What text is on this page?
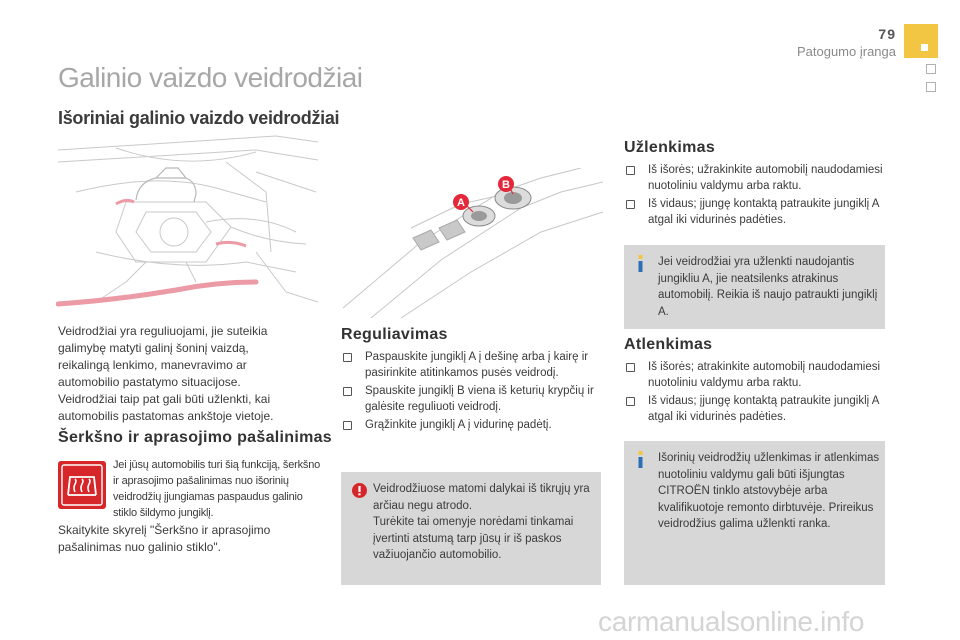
79
Patogumo įranga
Galinio vaizdo veidrodžiai
Išoriniai galinio vaizdo veidrodžiai
Veidrodžiai yra reguliuojami, jie suteikia galimybę matyti galinį šoninį vaizdą, reikalingą lenkimo, manevravimo ar automobilio pastatymo situacijose. Veidrodžiai taip pat gali būti užlenkti, kai automobilis pastatomas ankštoje vietoje.
Šerkšno ir aprasojimo pašalinimas
Jei jūsų automobilis turi šią funkciją, šerkšno ir aprasojimo pašalinimas nuo išorinių veidrodžių įjungiamas paspaudus galinio stiklo šildymo jungiklį.
Skaitykite skyrelį "Šerkšno ir aprasojimo pašalinimas nuo galinio stiklo".
A
B
Reguliavimas
Paspauskite jungiklį A į dešinę arba į kairę ir pasirinkite atitinkamos pusės veidrodį.
Spauskite jungiklį B viena iš keturių krypčių ir galėsite reguliuoti veidrodį.
Grąžinkite jungiklį A į vidurinę padėtį.
Veidrodžiuose matomi dalykai iš tikrųjų yra arčiau negu atrodo.
Turėkite tai omenyje norėdami tinkamai įvertinti atstumą tarp jūsų ir iš paskos važiuojančio automobilio.
Užlenkimas
Iš išorės; užrakinkite automobilį naudodamiesi nuotoliniu valdymu arba raktu.
Iš vidaus; įjungę kontaktą patraukite jungiklį A atgal iki vidurinės padėties.
Jei veidrodžiai yra užlenkti naudojantis jungikliu A, jie neatsilenks atrakinus automobilį. Reikia iš naujo patraukti jungiklį A.
Atlenkimas
Iš išorės; atrakinkite automobilį naudodamiesi nuotoliniu valdymu arba raktu.
Iš vidaus; įjungę kontaktą patraukite jungiklį A atgal iki vidurinės padėties.
Išorinių veidrodžių užlenkimas ir atlenkimas nuotoliniu valdymu gali būti išjungtas CITROËN tinklo atstovybėje arba kvalifikuotoje remonto dirbtuvėje. Prireikus veidrodžius galima užlenkti ranka.
carmanualsonline.info
